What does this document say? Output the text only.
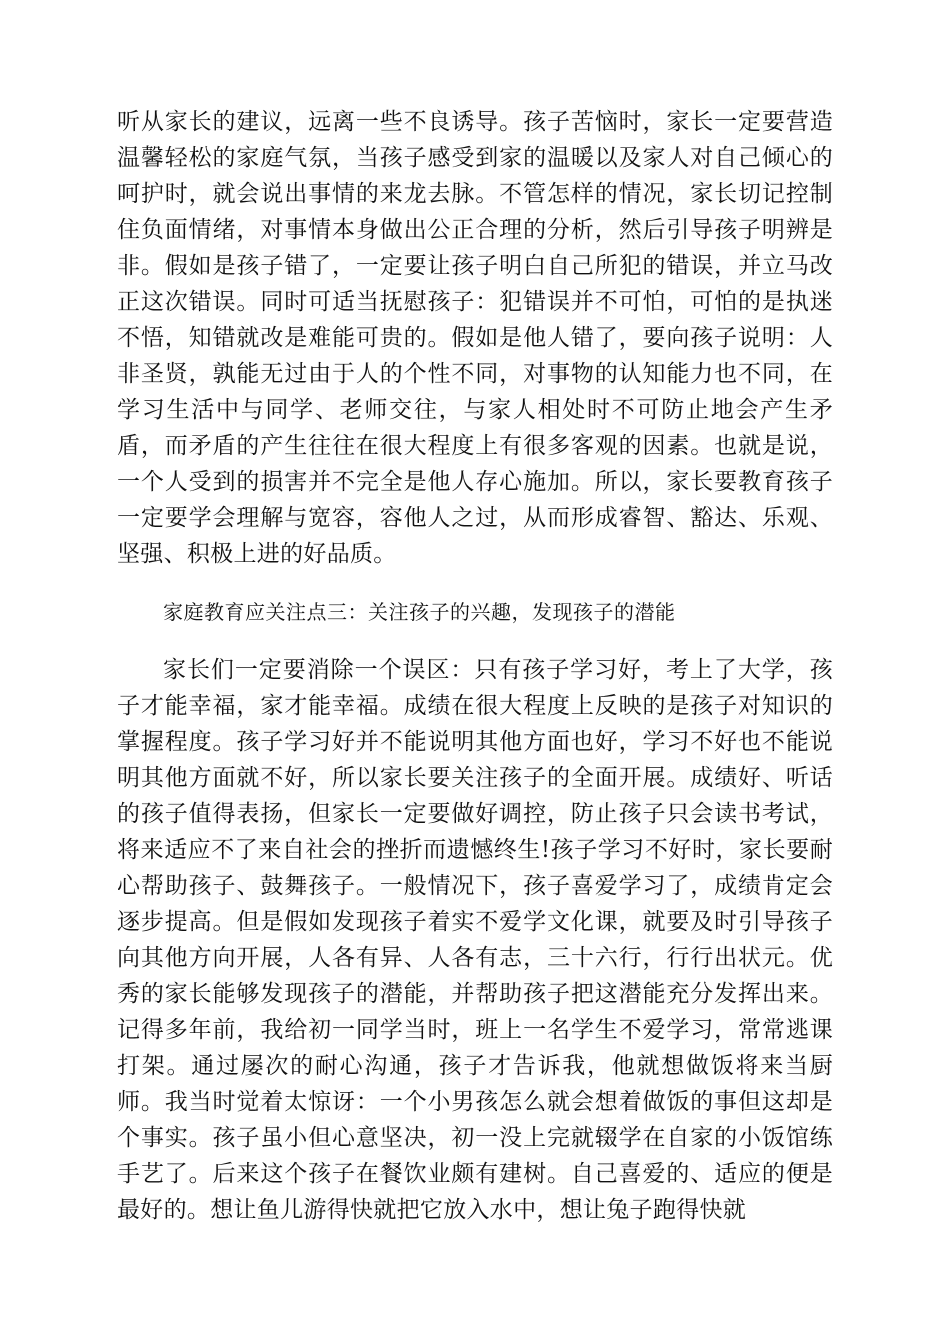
听从家长的建议，远离一些不良诱导。孩子苦恼时，家长一定要营造温馨轻松的家庭气氛，当孩子感受到家的温暖以及家人对自己倾心的呵护时，就会说出事情的来龙去脉。不管怎样的情况，家长切记控制住负面情绪，对事情本身做出公正合理的分析，然后引导孩子明辨是非。假如是孩子错了，一定要让孩子明白自己所犯的错误，并立马改正这次错误。同时可适当抚慰孩子：犯错误并不可怕，可怕的是执迷不悟，知错就改是难能可贵的。假如是他人错了，要向孩子说明：人非圣贤，孰能无过由于人的个性不同，对事物的认知能力也不同，在学习生活中与同学、老师交往，与家人相处时不可防止地会产生矛盾，而矛盾的产生往往在很大程度上有很多客观的因素。也就是说，一个人受到的损害并不完全是他人存心施加。所以，家长要教育孩子一定要学会理解与宽容，容他人之过，从而形成睿智、豁达、乐观、坚强、积极上进的好品质。

家庭教育应关注点三：关注孩子的兴趣，发现孩子的潜能

家长们一定要消除一个误区：只有孩子学习好，考上了大学，孩子才能幸福，家才能幸福。成绩在很大程度上反映的是孩子对知识的掌握程度。孩子学习好并不能说明其他方面也好，学习不好也不能说明其他方面就不好，所以家长要关注孩子的全面开展。成绩好、听话的孩子值得表扬，但家长一定要做好调控，防止孩子只会读书考试，将来适应不了来自社会的挫折而遗憾终生!孩子学习不好时，家长要耐心帮助孩子、鼓舞孩子。一般情况下，孩子喜爱学习了，成绩肯定会逐步提高。但是假如发现孩子着实不爱学文化课，就要及时引导孩子向其他方向开展，人各有异、人各有志，三十六行，行行出状元。优秀的家长能够发现孩子的潜能，并帮助孩子把这潜能充分发挥出来。记得多年前，我给初一同学当时，班上一名学生不爱学习，常常逃课打架。通过屡次的耐心沟通，孩子才告诉我，他就想做饭将来当厨师。我当时觉着太惊讶：一个小男孩怎么就会想着做饭的事但这却是个事实。孩子虽小但心意坚决，初一没上完就辍学在自家的小饭馆练手艺了。后来这个孩子在餐饮业颇有建树。自己喜爱的、适应的便是最好的。想让鱼儿游得快就把它放入水中，想让兔子跑得快就
